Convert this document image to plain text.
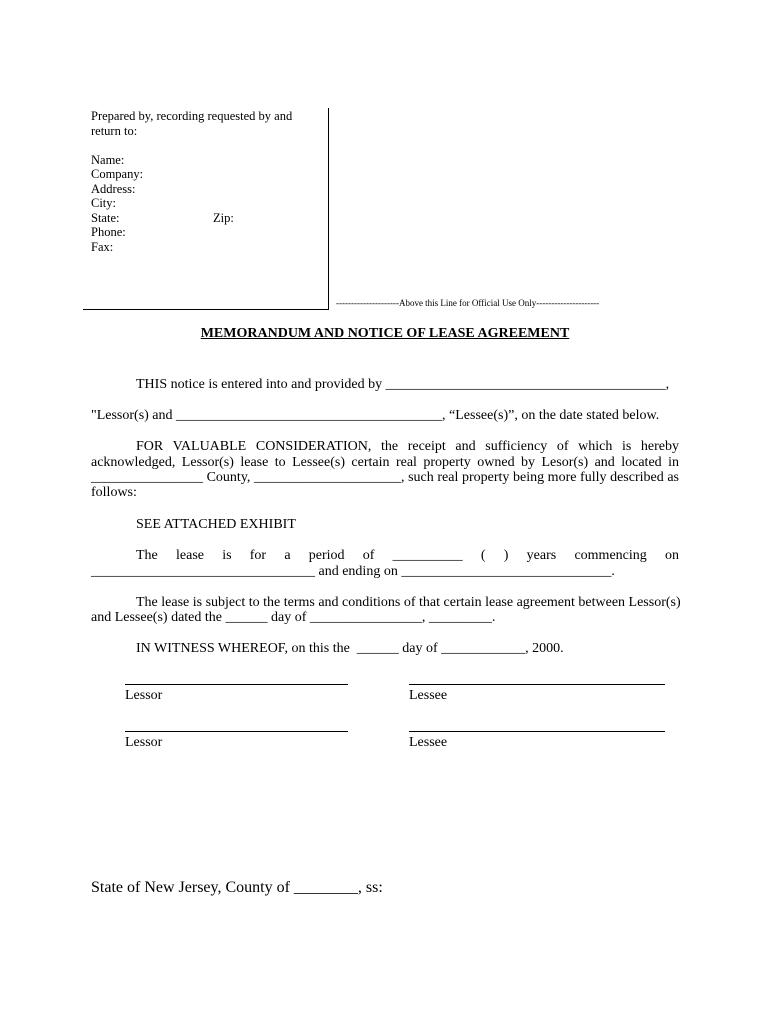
Prepared by, recording requested by and
return to:
Name:
Company:
Address:
City:
State:	Zip:
Phone:
Fax:
---------------------Above this Line for Official Use Only---------------------
MEMORANDUM AND NOTICE OF LEASE AGREEMENT
THIS notice is entered into and provided by ________________________________________,
"Lessor(s) and ______________________________________, “Lessee(s)”, on the date stated below.
FOR VALUABLE CONSIDERATION, the receipt and sufficiency of which is hereby
acknowledged, Lessor(s) lease to Lessee(s) certain real property owned by Lesor(s) and located in
________________ County, _____________________, such real property being more fully described as
follows:
SEE ATTACHED EXHIBIT
The lease is for a period of __________ ( ) years commencing on
________________________________ and ending on ______________________________.
The lease is subject to the terms and conditions of that certain lease agreement between Lessor(s)
and Lessee(s) dated the ______ day of ________________, _________.
IN WITNESS WHEREOF, on this the  ______ day of ____________, 2000.
Lessor	Lessee
Lessor	Lessee
State of New Jersey, County of ________, ss:
